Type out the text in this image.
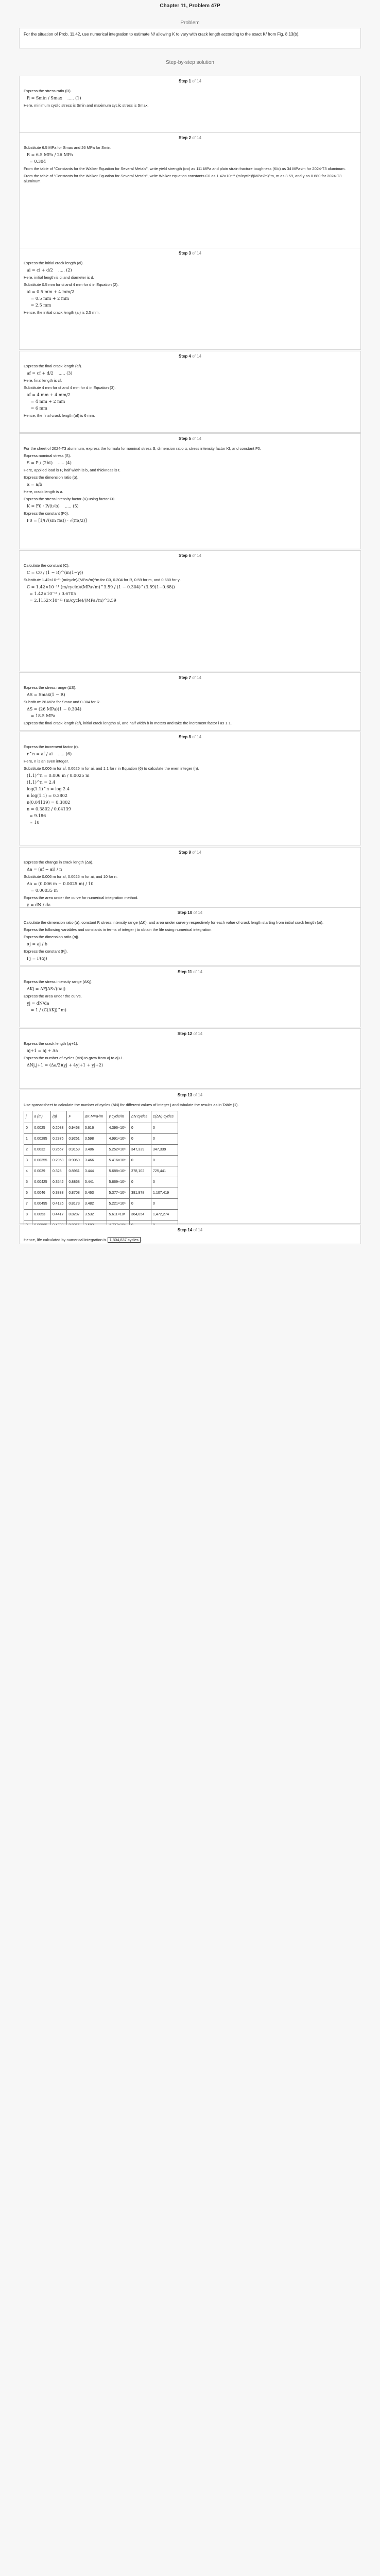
Chapter 11, Problem 47P
Problem
For the situation of Prob. 11.42, use numerical integration to estimate N𝑓 allowing K to vary with crack length according to the exact K𝐼 from Fig. 8.13(b).
Step-by-step solution
Step 1 of 14

Express the stress ratio (R).

R = Smin / Smax    ..... (1)

Here, minimum cyclic stress is Smin and maximum cyclic stress is Smax.

Step 2 of 14

Substitute 6.5 MPa for Smax and 26 MPa for Smin.

R = 6.5 MPa / 26 MPa
= 0.304

From the table of "Constants for the Walker Equation for Several Metals", write yield strength (σo) as 111 MPa and plain strain fracture toughness (KIc) as 34 MPa√m for 2024-T3 aluminum.

From the table of "Constants for the Walker Equation for Several Metals", write Walker equation constants C0 as 1.42×10⁻¹¹ (m/cycle)/(MPa√m)^m, m as 3.59, and γ as 0.680 for 2024-T3 aluminum.

Step 3 of 14

Express the initial crack length (ai).

ai = ci + d/2    ..... (2)

Here, initial length is ci and diameter is d.

Substitute 0.5 mm for ci and 4 mm for d in Equation (2).

ai = 0.5 mm + 4 mm/2
= 0.5 mm + 2 mm
= 2.5 mm

Hence, the initial crack length (ai) is 2.5 mm.

Step 4 of 14

Express the final crack length (af).

af = cf + d/2    ..... (3)

Here, final length is cf.

Substitute 4 mm for cf and 4 mm for d in Equation (3).

af = 4 mm + 4 mm/2
= 4 mm + 2 mm
= 6 mm

Hence, the final crack length (af) is 6 mm.

Step 5 of 14

For the sheet of 2024-T3 aluminum, express the formula for nominal stress S, dimension ratio α, stress intensity factor KI, and constant F0.

Express nominal stress (S).

S = P / (2bt)    ..... (4)

Here, applied load is P, half width is b, and thickness is t.

Express the dimension ratio (α).

α = a/b

Here, crack length is a.

Express the stress intensity factor (K) using factor F0.

K = F0 · P/(t√b)    ..... (5)

Express the constant (F0).

F0 = [1/(√(sin πα)) · √(πα/2)]
Step 6 of 14

Calculate the constant (C).

C = C0 / (1 − R)^(m(1−γ))

Substitute 1.42×10⁻¹¹ (m/cycle)/(MPa√m)^m for C0, 0.304 for R, 0.59 for m, and 0.680 for γ.

C = 1.42×10⁻¹¹ (m/cycle)/(MPa√m)^3.59 / (1 − 0.304)^(3.59(1−0.68))
= 1.42×10⁻¹¹ / 0.6705
= 2.1152×10⁻¹¹ (m/cycle)/(MPa√m)^3.59
Step 7 of 14

Express the stress range (ΔS).

ΔS = Smax(1 − R)

Substitute 26 MPa for Smax and 0.304 for R.

ΔS = (26 MPa)(1 − 0.304)
= 18.5 MPa

Express the final crack length (af), initial crack lengths ai, and half width b in meters and take the increment factor i as 1 1.

Step 8 of 14

Express the increment factor (r).

r^n = af / ai    ..... (6)

Here, n is an even integer.

Substitute 0.006 m for af, 0.0025 m for ai, and 1 1 for r in Equation (6) to calculate the even integer (n).

(1.1)^n = 0.006 m / 0.0025 m
(1.1)^n = 2.4
log(1.1)^n = log 2.4
n log(1.1) = 0.3802
n(0.04139) = 0.3802
n = 0.3802 / 0.04139
= 9.186
≈ 10
Step 9 of 14

Express the change in crack length (Δa).

Δa = (af − ai) / n

Substitute 0.006 m for af, 0.0025 m for ai, and 10 for n.

Δa = (0.006 m − 0.0025 m) / 10
= 0.00035 m

Express the area under the curve for numerical integration method.

y = dN / da
Step 10 of 14

Calculate the dimension ratio (α), constant F, stress intensity range (ΔK), and area under curve y respectively for each value of crack length starting from initial crack length (ai).

Express the following variables and constants in terms of integer j to obtain the life using numerical integration.

Express the dimension ratio (αj).

αj = aj / b

Express the constant (Fj).

Fj = F(αj)
Step 11 of 14

Express the stress intensity range (ΔKj).

ΔKj = ΔFjΔS√(πaj)

Express the area under the curve.

yj = dN/da
= 1 / (C(ΔKj)^m)
Step 12 of 14

Express the crack length (aj+1).

aj+1 = aj + Δa

Express the number of cycles (ΔN) to grow from aj to aj+1.

ΔNj,j+1 = (Δa/2)(yj + 4yj+1 + yj+2)
Step 13 of 14

Use spreadsheet to calculate the number of cycles (ΔN) for different values of integer j and tabulate the results as in Table (1).

j	a (m)	(α)	F	ΔK MPa√m	y cycle/m	ΔN cycles	Σ(ΔN) cycles
0	0.0025	0.2083	0.9468	3.616	4.396×10⁸	0	0
1	0.00285	0.2375	0.9261	3.598	4.991×10⁸	0	0
2	0.0032	0.2667	0.9159	3.486	5.252×10⁸	347,339	347,339
3	0.00355	0.2958	0.9069	3.466	5.416×10⁸	0	0
4	0.0039	0.325	0.8961	3.444	5.688×10⁸	378,102	725,441
5	0.00425	0.3542	0.8868	3.441	5.869×10⁸	0	0
6	0.0046	0.3833	0.8708	3.463	5.377×10⁸	381,978	1,107,419
7	0.00495	0.4125	0.8173	3.482	5.221×10⁸	0	0
8	0.0053	0.4417	0.8287	3.532	5.611×10⁸	364,854	1,472,274

Step 14 of 14

Hence, life calculated by numerical integration is 1,804,837 cycles .
